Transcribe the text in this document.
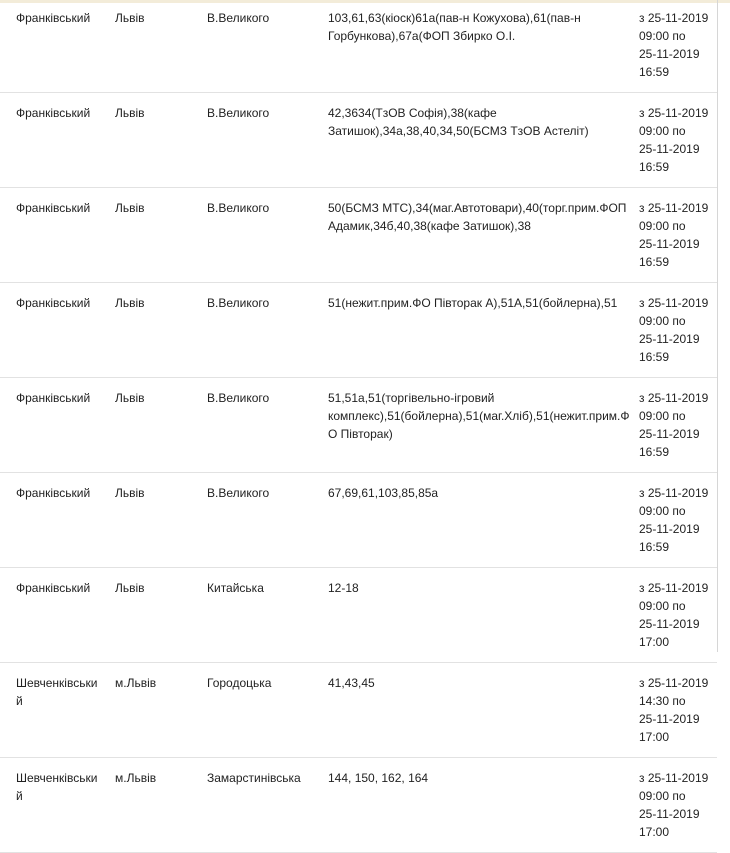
Франківський	Львів	В.Великого	103,61,63(кіоск)61а(пав-н Кожухова),61(пав-н Горбункова),67а(ФОП Збирко О.І.	з 25-11-2019 09:00 по
25-11-2019 16:59
Франківський	Львів	В.Великого	42,3634(ТзОВ Софія),38(кафе Затишок),34а,38,40,34,50(БСМЗ ТзОВ Астеліт)	з 25-11-2019 09:00 по
25-11-2019 16:59
Франківський	Львів	В.Великого	50(БСМЗ МТС),34(маг.Автотовари),40(торг.прим.ФОП Адамик,34б,40,38(кафе Затишок),38	з 25-11-2019 09:00 по
25-11-2019 16:59
Франківський	Львів	В.Великого	51(нежит.прим.ФО Півторак А),51А,51(бойлерна),51	з 25-11-2019 09:00 по
25-11-2019 16:59
Франківський	Львів	В.Великого	51,51а,51(торгівельно-ігровий комплекс),51(бойлерна),51(маг.Хліб),51(нежит.прим.ФО Півторак)	з 25-11-2019 09:00 по
25-11-2019 16:59
Франківський	Львів	В.Великого	67,69,61,103,85,85а	з 25-11-2019 09:00 по
25-11-2019 16:59
Франківський	Львів	Китайська	12-18	з 25-11-2019 09:00 по
25-11-2019 17:00
Шевченківський	м.Львів	Городоцька	41,43,45	з 25-11-2019 14:30 по
25-11-2019 17:00
Шевченківський	м.Львів	Замарстинівська	144, 150, 162, 164	з 25-11-2019 09:00 по
25-11-2019 17:00
